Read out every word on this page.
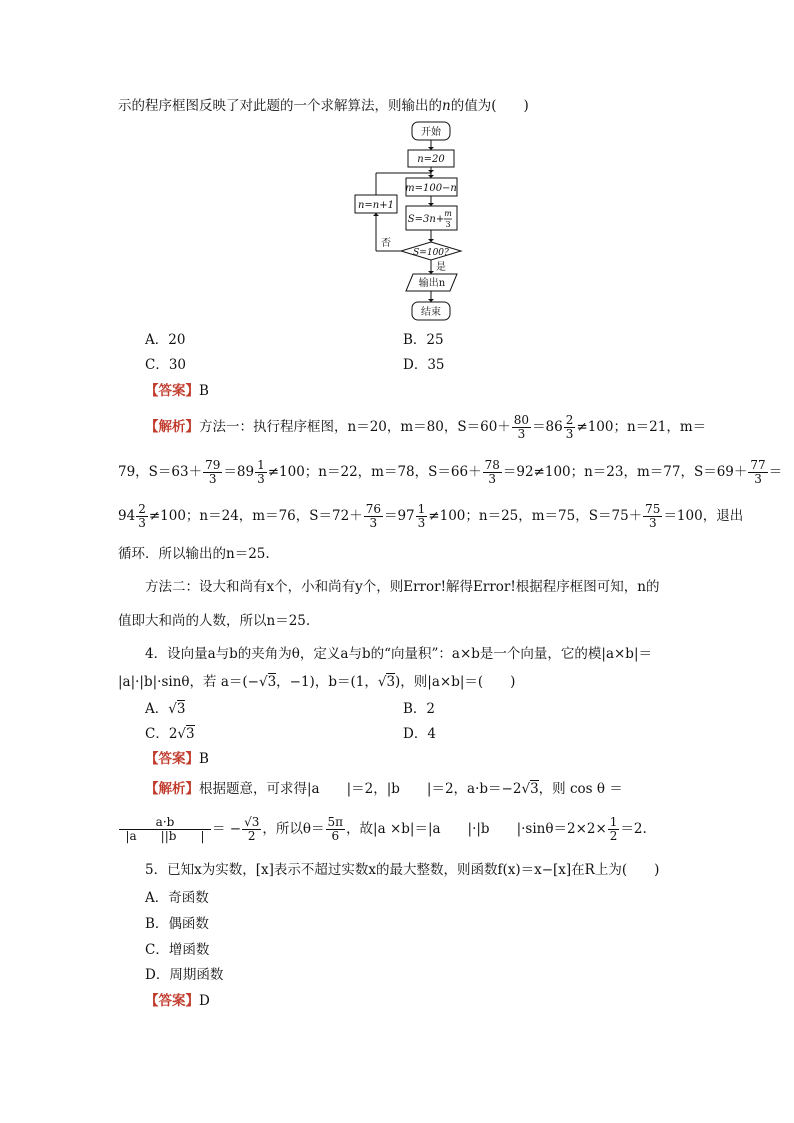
示的程序框图反映了对此题的一个求解算法，则输出的n的值为(　　)
开始
n=20
m=100−n
S=3n+
m
3
S=100?
输出n
结束
n=n+1
否
是
A．20	B．25
C．30	D．35
【答案】B
【解析】方法一：执行程序框图，n＝20，m＝80，$S=60+ \frac{80}{3} =86 \frac{2}{3} \ne 100$；n＝21，m＝
79，$S=63+ \frac{79}{3} =89 \frac{1}{3} \ne 100$；n＝22，m＝78，$S=66+ \frac{78}{3} =92\ne 100$；n＝23，m＝77，$S=69+ \frac{77}{3}$ ＝
$94 \frac{2}{3} \ne 100$；n＝24，m＝76，$S=72+ \frac{76}{3} =97 \frac{1}{3} \ne 100$；n＝25，m＝75，$S=75+ \frac{75}{3} =100$，退出
循环．所以输出的n＝25.
方法二：设大和尚有x个，小和尚有y个，则Error!解得Error!根据程序框图可知，n的
值即大和尚的人数，所以n＝25.
4．设向量a与b的夹角为θ，定义a与b的“向量积”：a×b是一个向量，它的模|a×b|＝
|a|·|b|·sinθ，若 a＝(−√3，−1)，b＝(1，√3)，则|a×b|＝(　　)
A．√3	B．2
C．2√3	D．4
【答案】B
【解析】根据题意，可求得|a　　|＝2，|b　　|＝2，a·b＝−2√3，则 cos θ ＝
$\frac{a\cdot b}{|a ||b |}$ ＝ − $\frac{√3}{2}$ ，所以$\theta= \frac{5\pi}{6}$ ，故|a ×b|＝|a　　|·|b　　$|\cdot\sin\theta=2\times 2\times \frac{1}{2} =2$.
5．已知x为实数，[x]表示不超过实数x的最大整数，则函数f(x)＝x−[x]在R上为(　　)
A．奇函数
B．偶函数
C．增函数
D．周期函数
【答案】D
